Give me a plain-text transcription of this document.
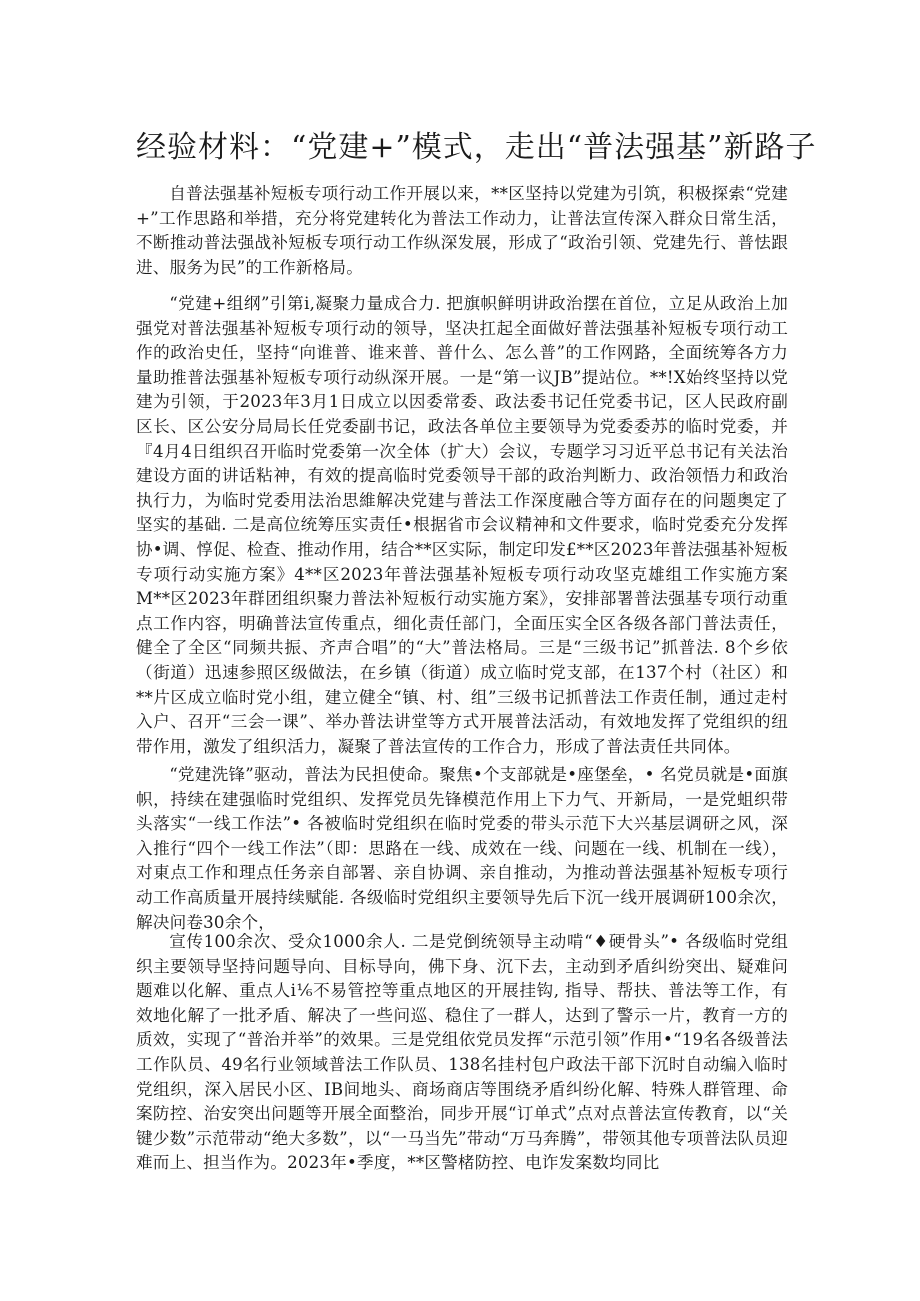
经验材料：“党建+”模式，走出“普法强基”新路子

自普法强基补短板专项行动工作开展以来，**区坚持以党建为引筑，积极探索“党建+”工作思路和举措，充分将党建转化为普法工作动力，让普法宣传深入群众日常生活，不断推动普法强战补短板专项行动工作纵深发展，形成了“政治引领、党建先行、普怯跟进、服务为民”的工作新格局。

“党建+组纲”引第i,凝聚力量成合力. 把旗帜鲜明讲政治摆在首位，立足从政治上加强党对普法强基补短板专项行动的领导，坚决扛起全面做好普法强基补短板专项行动工作的政治史任，坚持“向谁普、谁来普、普什么、怎么普”的工作网路，全面统筹各方力量助推普法强基补短板专项行动纵深开展。一是“第一议JB”提站位。**!X始终坚持以党建为引领，于2023年3月1日成立以因委常委、政法委书记任党委书记，区人民政府副区长、区公安分局局长任党委副书记，政法各单位主要领导为党委委苏的临时党委，并『4月4日组织召开临时党委第一次全体（扩大）会议，专题学习习近平总书记有关法治建设方面的讲话粘神，有效的提高临时党委领导干部的政治判断力、政治领悟力和政治执行力，为临时党委用法治思維解决党建与普法工作深度融合等方面存在的问题奥定了坚实的基础. 二是高位统筹压实责任•根据省市会议精神和文件要求，临时党委充分发挥协•调、惇促、检查、推动作用，结合**区实际，制定印发£**区2023年普法强基补短板专项行动实施方案》4**区2023年普法强基补短板专项行动攻坚克雄组工作实施方案M**区2023年群团组织聚力普法补短板行动实施方案》，安排部署普法强基专项行动重点工作内容，明确普法宣传重点，细化责任部门，全面压实全区各级各部门普法责任，健全了全区“同频共振、齐声合唱”的“大”普法格局。三是“三级书记”抓普法. 8个乡依（街道）迅速参照区级做法，在乡镇（街道）成立临时党支部，在137个村（社区）和**片区成立临时党小组，建立健全“镇、村、组”三级书记抓普法工作责任制，通过走村入户、召开“三会一课”、举办普法讲堂等方式开展普法活动，有效地发挥了党组织的纽带作用，激发了组织活力，凝聚了普法宣传的工作合力，形成了普法责任共同体。

“党建洗锋”驱动，普法为民担使命。聚焦•个支部就是•座堡垒，• 名党员就是•面旗帜，持续在建强临时党组织、发挥党员先锋模范作用上下力气、开新局，一是党蛆织带头落实“一线工作法”• 各被临时党组织在临时党委的带头示范下大兴基层调研之风，深入推行“四个一线工作法”（即：思路在一线、成效在一线、问题在一线、机制在一线），对東点工作和理点任务亲自部署、亲自协调、亲自推动，为推动普法强基补短板专项行动工作高质量开展持续赋能. 各级临时党组织主要领导先后下沉一线开展调研100余次，解决问卷30余个，

宣传100余次、受众1000余人. 二是党倒统领导主动啃“♦硬骨头”• 各级临时党组织主要领导坚持问题导向、目标导向，佛下身、沉下去，主动到矛盾纠纷突出、疑难问题难以化解、重点人i⅙不易管控等重点地区的开展挂钩, 指导、帮扶、普法等工作，有效地化解了一批矛盾、解决了一些问巡、稳住了一群人，达到了警示一片，教育一方的质效，实现了“普治并举”的效果。三是党组依党员发挥“示范引领”作用•“19名各级普法工作队员、49名行业领域普法工作队员、138名挂村包户政法干部下沉时自动编入临时党组织，深入居民小区、IB间地头、商场商店等围绕矛盾纠纷化解、特殊人群管理、命案防控、治安突出问题等开展全面整治，同步开展“订单式”点对点普法宣传教育，以“关键少数”示范带动“绝大多数”，以“一马当先”带动“万马奔腾”，带领其他专项普法队员迎难而上、担当作为。2023年•季度，**区警楮防控、电诈发案数均同比
